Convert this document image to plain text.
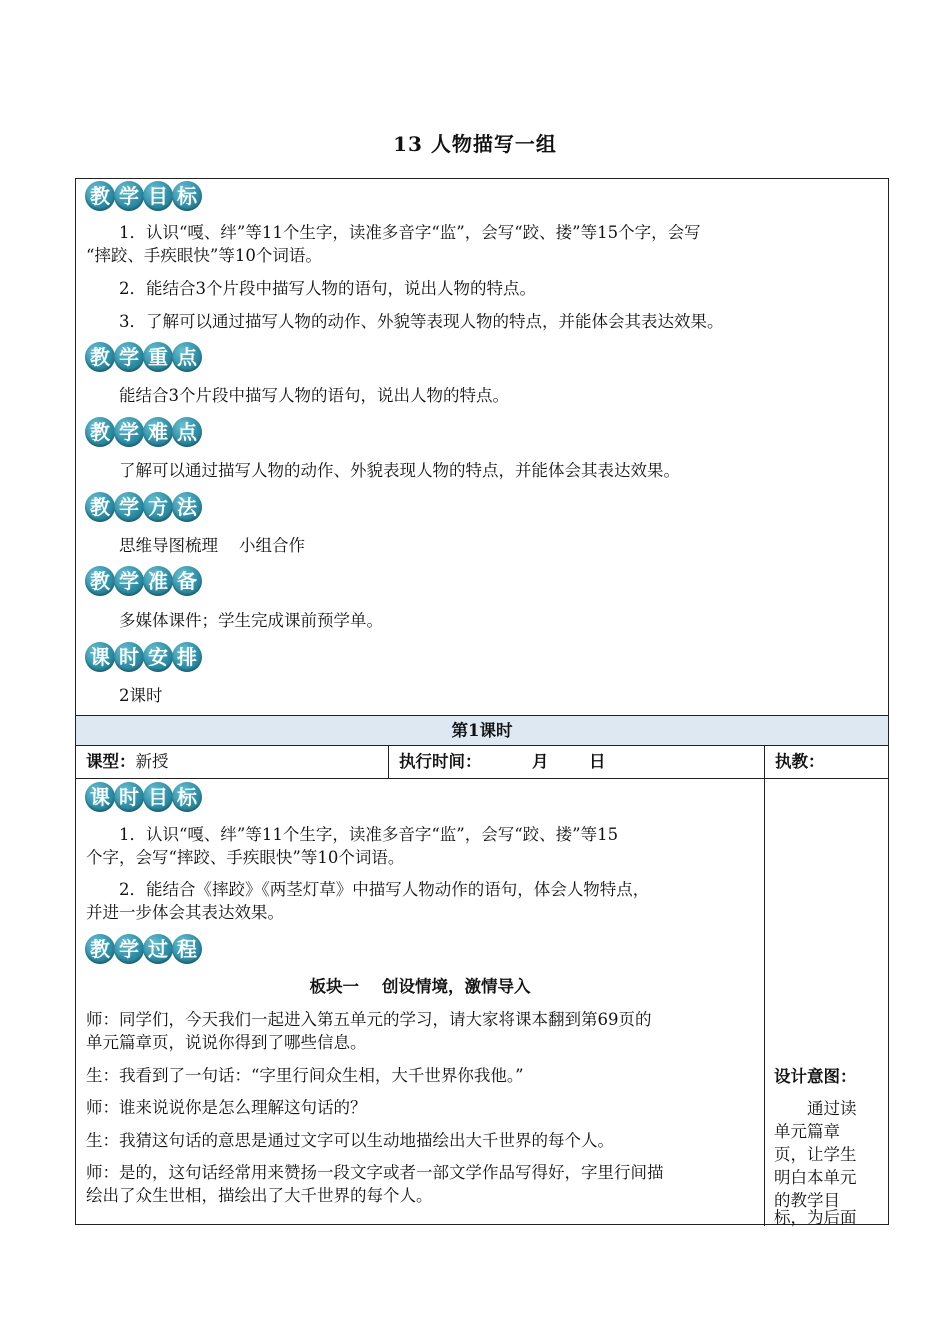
13 人物描写一组
教 学 目 标
1．认识“嘎、绊”等11个生字，读准多音字“监”，会写“跤、搂”等15个字，会写
“摔跤、手疾眼快”等10个词语。
2．能结合3个片段中描写人物的语句，说出人物的特点。
3．了解可以通过描写人物的动作、外貌等表现人物的特点，并能体会其表达效果。
教 学 重 点
能结合3个片段中描写人物的语句，说出人物的特点。
教 学 难 点
了解可以通过描写人物的动作、外貌表现人物的特点，并能体会其表达效果。
教 学 方 法
思维导图梳理    小组合作
教 学 准 备
多媒体课件；学生完成课前预学单。
课 时 安 排
2课时
第1课时
课型：新授	执行时间：	月 日	执教：
课 时 目 标
1．认识“嘎、绊”等11个生字，读准多音字“监”，会写“跤、搂”等15
个字，会写“摔跤、手疾眼快”等10个词语。
2．能结合《摔跤》《两茎灯草》中描写人物动作的语句，体会人物特点，
并进一步体会其表达效果。
教 学 过 程
板块一    创设情境，激情导入
师：同学们，今天我们一起进入第五单元的学习，请大家将课本翻到第69页的
单元篇章页，说说你得到了哪些信息。
生：我看到了一句话：“字里行间众生相，大千世界你我他。”
师：谁来说说你是怎么理解这句话的？
生：我猜这句话的意思是通过文字可以生动地描绘出大千世界的每个人。
师：是的，这句话经常用来赞扬一段文字或者一部文学作品写得好，字里行间描
绘出了众生世相，描绘出了大千世界的每个人。
设计意图：
通过读
单元篇章
页，让学生
明白本单元
的教学目
标，为后面
